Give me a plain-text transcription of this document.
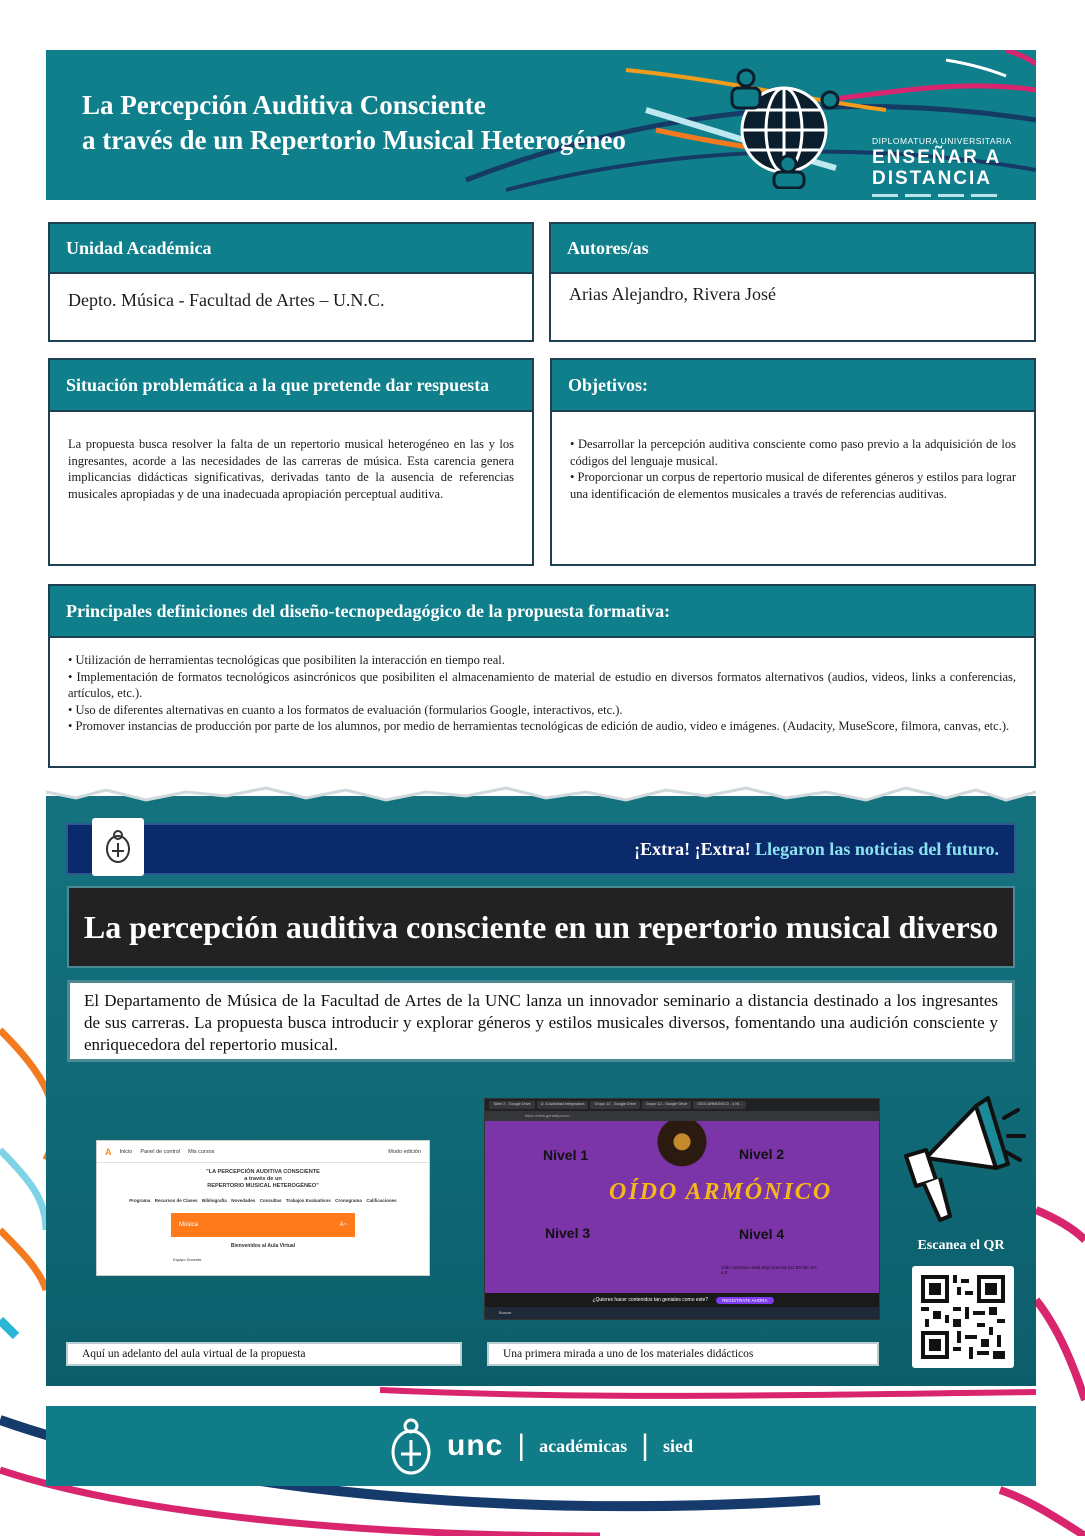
La Percepción Auditiva Consciente
a través de un Repertorio Musical Heterogéneo	DIPLOMATURA UNIVERSITARIA
ENSEÑAR A
DISTANCIA
Unidad Académica
Depto. Música - Facultad de Artes – U.N.C.
Autores/as
Arias Alejandro, Rivera José
Situación problemática a la que pretende dar respuesta
La propuesta busca resolver la falta de un repertorio musical heterogéneo en las y los ingresantes, acorde a las necesidades de las carreras de música. Esta carencia genera implicancias didácticas significativas, derivadas tanto de la ausencia de referencias musicales apropiadas y de una inadecuada apropiación perceptual auditiva.
Objetivos:
• Desarrollar la percepción auditiva consciente como paso previo a la adquisición de los códigos del lenguaje musical.
• Proporcionar un corpus de repertorio musical de diferentes géneros y estilos para lograr una identificación de elementos musicales a través de referencias auditivas.
Principales definiciones del diseño-tecnopedagógico de la propuesta formativa:
• Utilización de herramientas tecnológicas que posibiliten la interacción en tiempo real.
• Implementación de formatos tecnológicos asincrónicos que posibiliten el almacenamiento de material de estudio en diversos formatos alternativos (audios, videos, links a conferencias, artículos, etc.).
• Uso de diferentes alternativas en cuanto a los formatos de evaluación (formularios Google, interactivos, etc.).
• Promover instancias de producción por parte de los alumnos, por medio de herramientas tecnológicas de edición de audio, video e imágenes. (Audacity, MuseScore, filmora, canvas, etc.).
¡Extra! ¡Extra! Llegaron las noticias del futuro.
La percepción auditiva consciente en un repertorio musical diverso
El Departamento de Música de la Facultad de Artes de la UNC lanza un innovador seminario a distancia destinado a los ingresantes de sus carreras. La propuesta busca introducir y explorar géneros y estilos musicales diversos, fomentando una audición consciente y enriquecedora del repertorio musical.
A Inicio Panel de control Mis cursos	Modo edición
"LA PERCEPCIÓN AUDITIVA CONSCIENTE
a través de un
REPERTORIO MUSICAL HETEROGÉNEO"
Programa Recursos de Clases Bibliografía Novedades Consultas Trabajos Evaluativos Cronograma Calificaciones
Música	A~
Bienvenidos al Aula Virtual
Equipo Docente
Taller 2 - Google Drive	U. 6 Actividad Integradora	Grupo 12 - Google Drive	Grupo 12 - Google Drive	OIDO ARMONICO - 4 NI...
https://view.genially.com/...
Nivel 1	Nivel 2
OÍDO ARMÓNICO
Nivel 3	Nivel 4
Oído Armónico está bajo licencia CC BY-NC-SA 4.0
¿Quieres hacer contenidos tan geniales como este?	REGÍSTRATE AHORA
Buscar
Aquí un adelanto del aula virtual de la propuesta	Una primera mirada a uno de los materiales didácticos
Escanea el QR
unc | académicas | sied
